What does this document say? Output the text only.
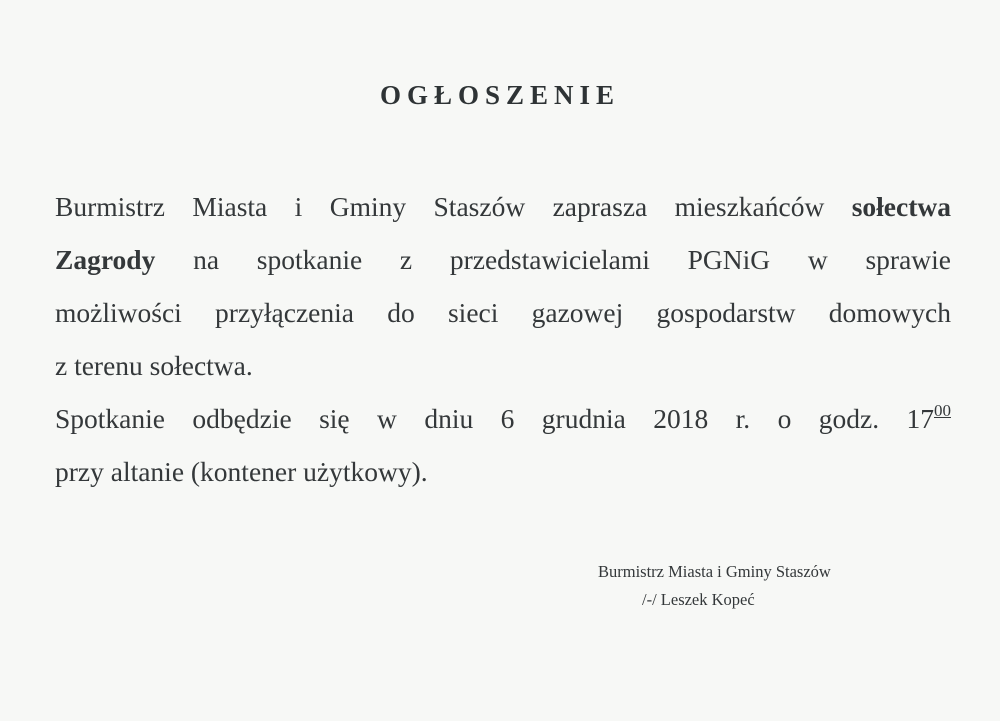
OGŁOSZENIE
Burmistrz Miasta i Gminy Staszów zaprasza mieszkańców sołectwa
Zagrody na spotkanie z przedstawicielami PGNiG w sprawie
możliwości przyłączenia do sieci gazowej gospodarstw domowych
z terenu sołectwa.
Spotkanie odbędzie się w dniu 6 grudnia 2018 r. o godz. $17^{00}$
przy altanie (kontener użytkowy).
Burmistrz Miasta i Gminy Staszów
/-/ Leszek Kopeć
